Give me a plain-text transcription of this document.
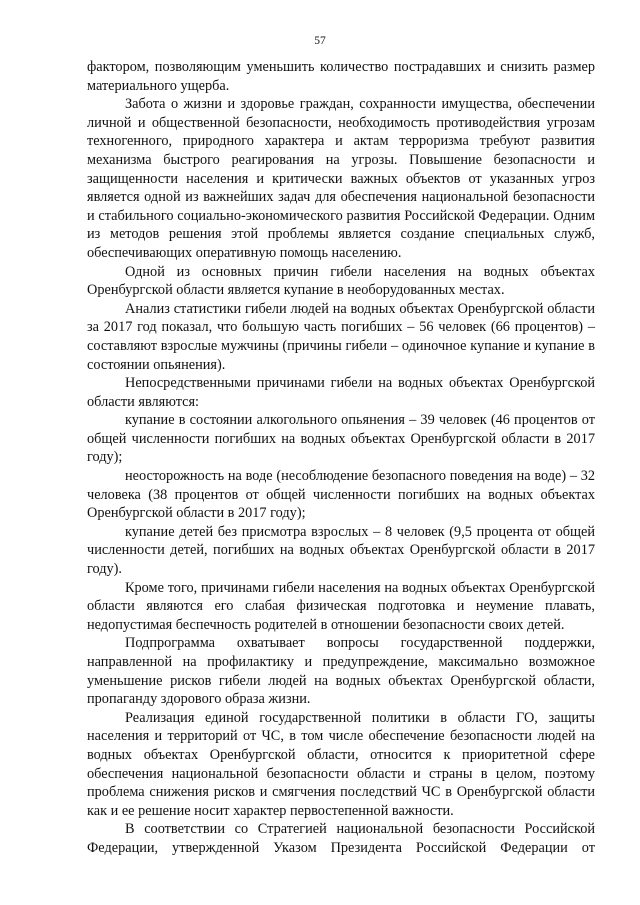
57

фактором, позволяющим уменьшить количество пострадавших и снизить размер материального ущерба.

Забота о жизни и здоровье граждан, сохранности имущества, обеспечении личной и общественной безопасности, необходимость противодействия угрозам техногенного, природного характера и актам терроризма требуют развития механизма быстрого реагирования на угрозы. Повышение безопасности и защищенности населения и критически важных объектов от указанных угроз является одной из важнейших задач для обеспечения национальной безопасности и стабильного социально-экономического развития Российской Федерации. Одним из методов решения этой проблемы является создание специальных служб, обеспечивающих оперативную помощь населению.

Одной из основных причин гибели населения на водных объектах Оренбургской области является купание в необорудованных местах.

Анализ статистики гибели людей на водных объектах Оренбургской области за 2017 год показал, что большую часть погибших – 56 человек (66 процентов) – составляют взрослые мужчины (причины гибели – одиночное купание и купание в состоянии опьянения).

Непосредственными причинами гибели на водных объектах Оренбургской области являются:

купание в состоянии алкогольного опьянения – 39 человек (46 процентов от общей численности погибших на водных объектах Оренбургской области в 2017 году);

неосторожность на воде (несоблюдение безопасного поведения на воде) – 32 человека (38 процентов от общей численности погибших на водных объектах Оренбургской области в 2017 году);

купание детей без присмотра взрослых – 8 человек (9,5 процента от общей численности детей, погибших на водных объектах Оренбургской области в 2017 году).

Кроме того, причинами гибели населения на водных объектах Оренбургской области являются его слабая физическая подготовка и неумение плавать, недопустимая беспечность родителей в отношении безопасности своих детей.

Подпрограмма охватывает вопросы государственной поддержки, направленной на профилактику и предупреждение, максимально возможное уменьшение рисков гибели людей на водных объектах Оренбургской области, пропаганду здорового образа жизни.

Реализация единой государственной политики в области ГО, защиты населения и территорий от ЧС, в том числе обеспечение безопасности людей на водных объектах Оренбургской области, относится к приоритетной сфере обеспечения национальной безопасности области и страны в целом, поэтому проблема снижения рисков и смягчения последствий ЧС в Оренбургской области как и ее решение носит характер первостепенной важности.

В соответствии со Стратегией национальной безопасности Российской Федерации, утвержденной Указом Президента Российской Федерации от
